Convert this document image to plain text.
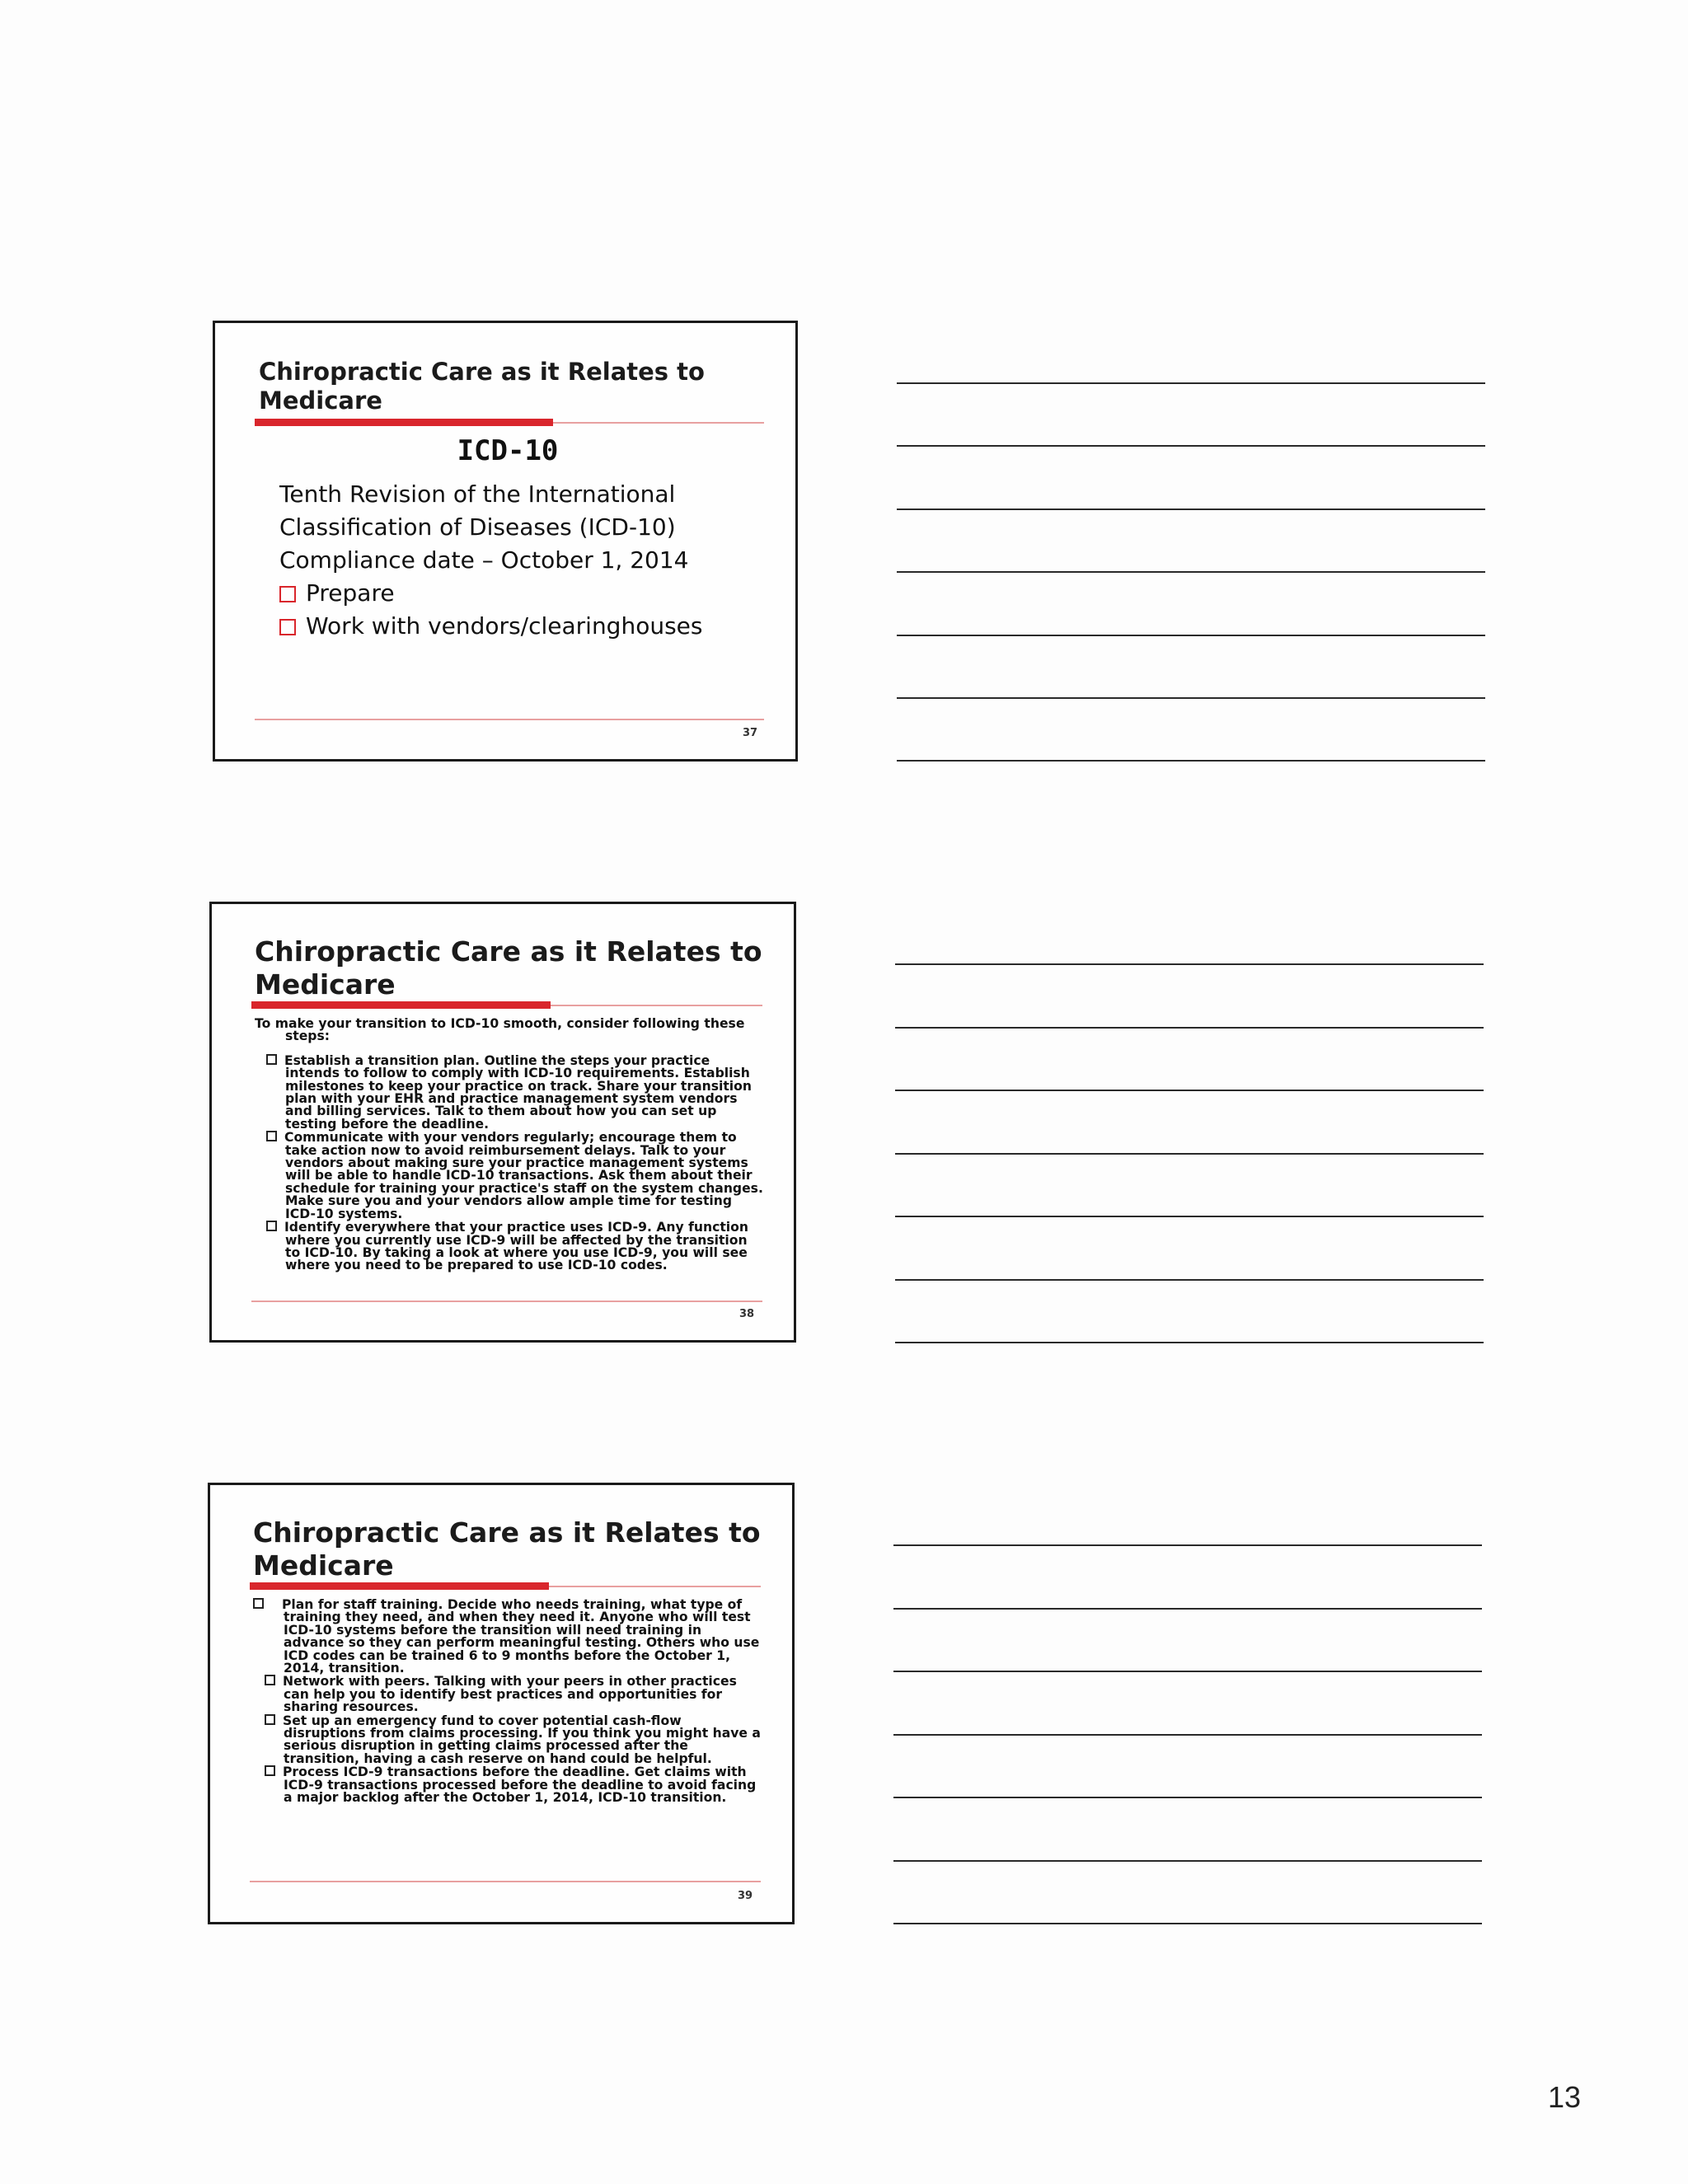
Chiropractic Care as it Relates to Medicare
ICD-10
Tenth Revision of the International
Classification of Diseases (ICD-10)
Compliance date – October 1, 2014
Prepare
Work with vendors/clearinghouses
37
Chiropractic Care as it Relates to Medicare
To make your transition to ICD-10 smooth, consider following these steps:
Establish a transition plan. Outline the steps your practice intends to follow to comply with ICD-10 requirements. Establish milestones to keep your practice on track. Share your transition plan with your EHR and practice management system vendors and billing services. Talk to them about how you can set up testing before the deadline.
Communicate with your vendors regularly; encourage them to take action now to avoid reimbursement delays. Talk to your vendors about making sure your practice management systems will be able to handle ICD-10 transactions. Ask them about their schedule for training your practice's staff on the system changes. Make sure you and your vendors allow ample time for testing ICD-10 systems.
Identify everywhere that your practice uses ICD-9. Any function where you currently use ICD-9 will be affected by the transition to ICD-10. By taking a look at where you use ICD-9, you will see where you need to be prepared to use ICD-10 codes.
38
Chiropractic Care as it Relates to Medicare
Plan for staff training. Decide who needs training, what type of training they need, and when they need it. Anyone who will test ICD-10 systems before the transition will need training in advance so they can perform meaningful testing. Others who use ICD codes can be trained 6 to 9 months before the October 1, 2014, transition.
Network with peers. Talking with your peers in other practices can help you to identify best practices and opportunities for sharing resources.
Set up an emergency fund to cover potential cash-flow disruptions from claims processing. If you think you might have a serious disruption in getting claims processed after the transition, having a cash reserve on hand could be helpful.
Process ICD-9 transactions before the deadline. Get claims with ICD-9 transactions processed before the deadline to avoid facing a major backlog after the October 1, 2014, ICD-10 transition.
39
13
